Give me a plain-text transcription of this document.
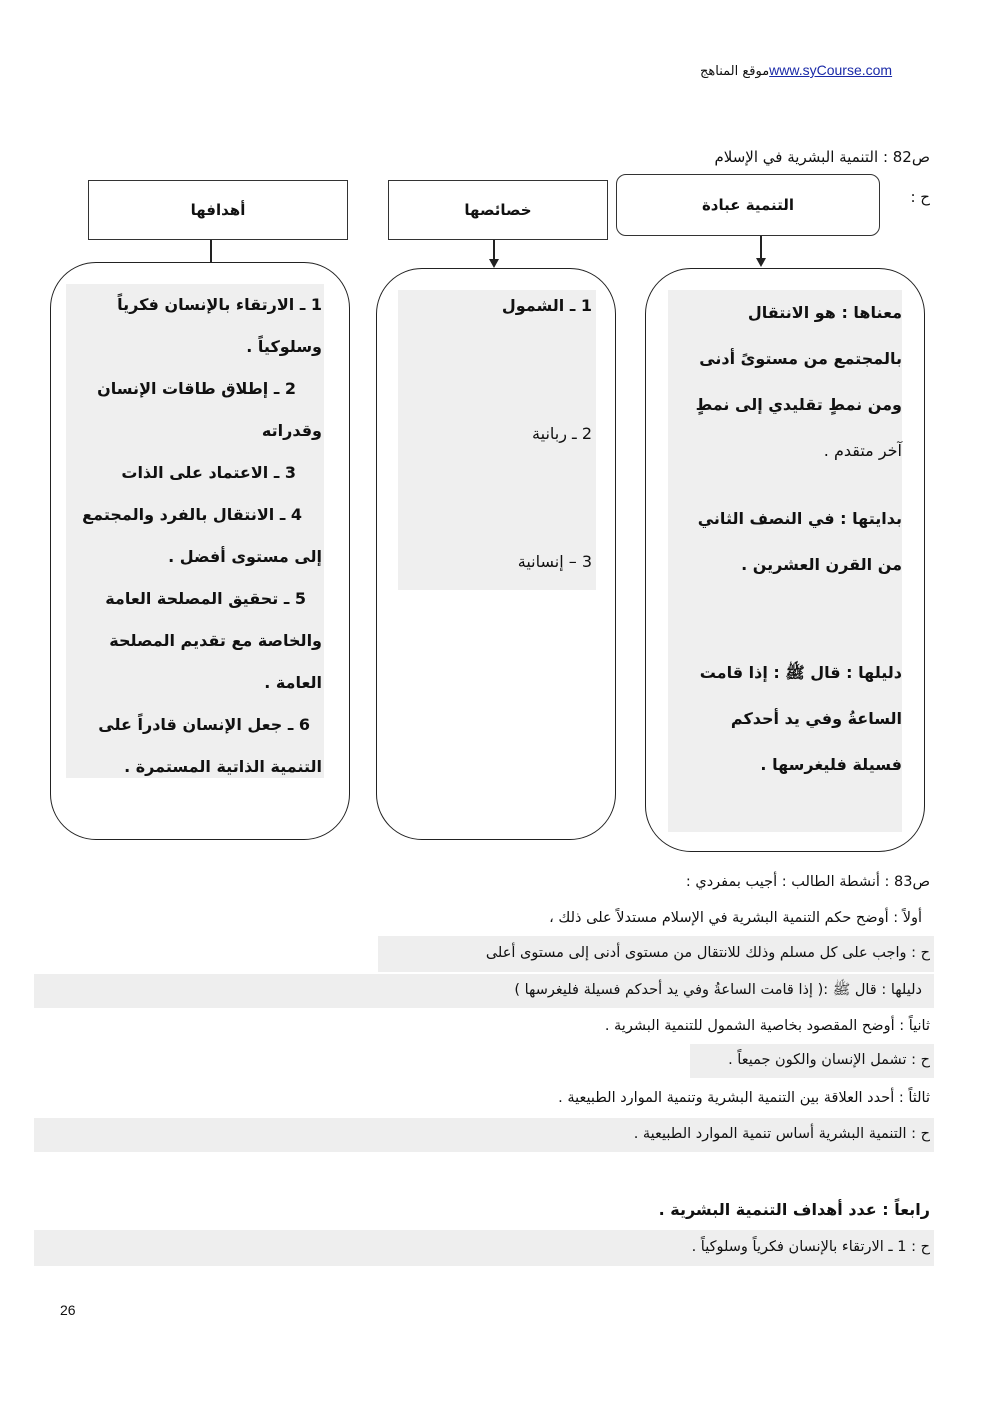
www.syCourse.comموقع المناهج
ص82 : التنمية البشرية في الإسلام
ح :
التنمية عبادة
خصائصها
أهدافها
معناها : هو الانتقال
بالمجتمع من مستوىً أدنى
ومن نمطٍ تقليدي إلى نمطٍ
آخر متقدم .
بدايتها : في النصف الثاني
من القرن العشرين .
دليلها : قال ﷺ : إذا قامت
الساعةُ وفي يد أحدكم
فسيلة فليغرسها .
1 ـ الشمول
2 ـ ربانية
3 – إنسانية
1 ـ الارتقاء بالإنسان فكرياً
وسلوكياً .
2 ـ إطلاق طاقات الإنسان
وقدراته
3 ـ الاعتماد على الذات
4 ـ الانتقال بالفرد والمجتمع
إلى مستوى أفضل .
5 ـ تحقيق المصلحة العامة
والخاصة مع تقديم المصلحة
العامة .
6 ـ جعل الإنسان قادراً على
التنمية الذاتية المستمرة .
ص83 : أنشطة الطالب : أجيب بمفردي :
أولاً : أوضح حكم التنمية البشرية في الإسلام مستدلاً على ذلك ،
ح : واجب على كل مسلم وذلك للانتقال من مستوى أدنى إلى مستوى أعلى
دليلها : قال ﷺ :( إذا قامت الساعةُ وفي يد أحدكم فسيلة فليغرسها )
ثانياً : أوضح المقصود بخاصية الشمول للتنمية البشرية .
ح : تشمل الإنسان والكون جميعاً .
ثالثاً : أحدد العلاقة بين التنمية البشرية وتنمية الموارد الطبيعية .
ح : التنمية البشرية أساس تنمية الموارد الطبيعية .
رابعاً : عدد أهداف التنمية البشرية .
ح : 1 ـ الارتقاء بالإنسان فكرياً وسلوكياً .
26
